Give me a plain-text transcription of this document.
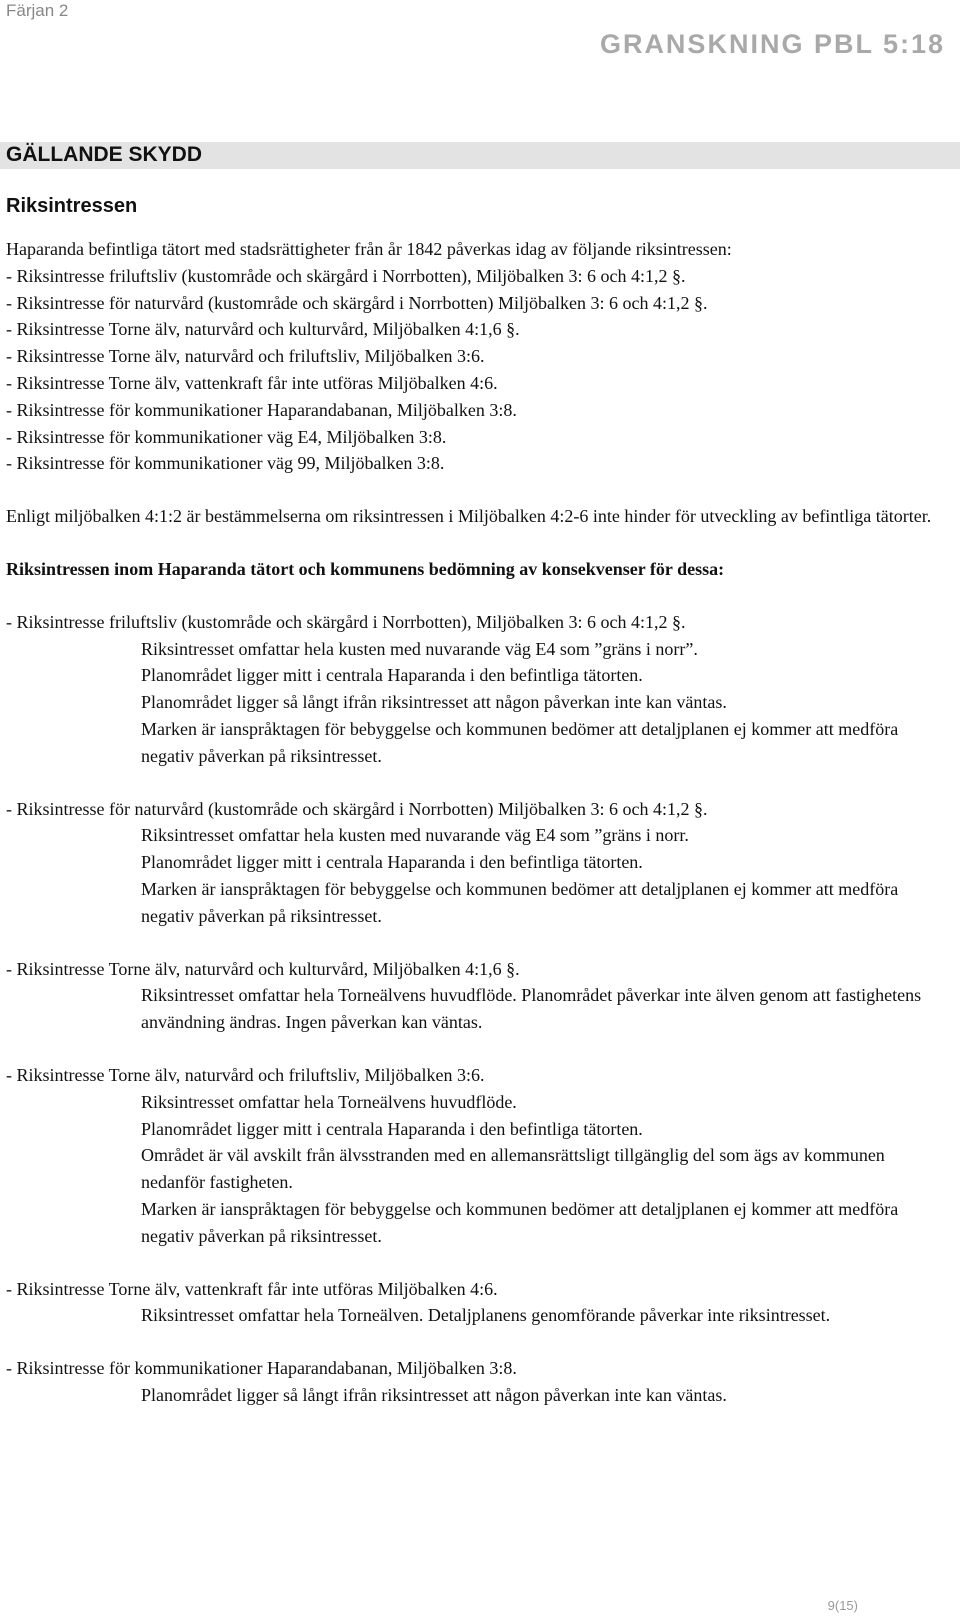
Färjan 2
GRANSKNING PBL 5:18
GÄLLANDE SKYDD
Riksintressen

Haparanda befintliga tätort med stadsrättigheter från år 1842 påverkas idag av följande riksintressen:

- Riksintresse friluftsliv (kustområde och skärgård i Norrbotten), Miljöbalken 3: 6 och 4:1,2 §.

- Riksintresse för naturvård (kustområde och skärgård i Norrbotten) Miljöbalken 3: 6 och 4:1,2 §.

- Riksintresse Torne älv, naturvård och kulturvård, Miljöbalken 4:1,6 §.

- Riksintresse Torne älv, naturvård och friluftsliv, Miljöbalken 3:6.

- Riksintresse Torne älv, vattenkraft får inte utföras Miljöbalken 4:6.

- Riksintresse för kommunikationer Haparandabanan, Miljöbalken 3:8.

- Riksintresse för kommunikationer väg E4, Miljöbalken 3:8.

- Riksintresse för kommunikationer väg 99, Miljöbalken 3:8.

Enligt miljöbalken 4:1:2 är bestämmelserna om riksintressen i Miljöbalken 4:2-6 inte hinder för utveckling av befintliga tätorter.

Riksintressen inom Haparanda tätort och kommunens bedömning av konsekvenser för dessa:

- Riksintresse friluftsliv (kustområde och skärgård i Norrbotten), Miljöbalken 3: 6 och 4:1,2 §.

Riksintresset omfattar hela kusten med nuvarande väg E4 som ”gräns i norr”.

Planområdet ligger mitt i centrala Haparanda i den befintliga tätorten.

Planområdet ligger så långt ifrån riksintresset att någon påverkan inte kan väntas.

Marken är ianspråktagen för bebyggelse och kommunen bedömer att detaljplanen ej kommer att medföra negativ påverkan på riksintresset.

- Riksintresse för naturvård (kustområde och skärgård i Norrbotten) Miljöbalken 3: 6 och 4:1,2 §.

Riksintresset omfattar hela kusten med nuvarande väg E4 som ”gräns i norr.

Planområdet ligger mitt i centrala Haparanda i den befintliga tätorten.

Marken är ianspråktagen för bebyggelse och kommunen bedömer att detaljplanen ej kommer att medföra negativ påverkan på riksintresset.

- Riksintresse Torne älv, naturvård och kulturvård, Miljöbalken 4:1,6 §.

Riksintresset omfattar hela Torneälvens huvudflöde. Planområdet påverkar inte älven genom att fastighetens användning ändras. Ingen påverkan kan väntas.

- Riksintresse Torne älv, naturvård och friluftsliv, Miljöbalken 3:6.

Riksintresset omfattar hela Torneälvens huvudflöde.

Planområdet ligger mitt i centrala Haparanda i den befintliga tätorten.

Området är väl avskilt från älvsstranden med en allemansrättsligt tillgänglig del som ägs av kommunen nedanför fastigheten.

Marken är ianspråktagen för bebyggelse och kommunen bedömer att detaljplanen ej kommer att medföra negativ påverkan på riksintresset.

- Riksintresse Torne älv, vattenkraft får inte utföras Miljöbalken 4:6.

Riksintresset omfattar hela Torneälven. Detaljplanens genomförande påverkar inte riksintresset.

- Riksintresse för kommunikationer Haparandabanan, Miljöbalken 3:8.

Planområdet ligger så långt ifrån riksintresset att någon påverkan inte kan väntas.

9(15)
